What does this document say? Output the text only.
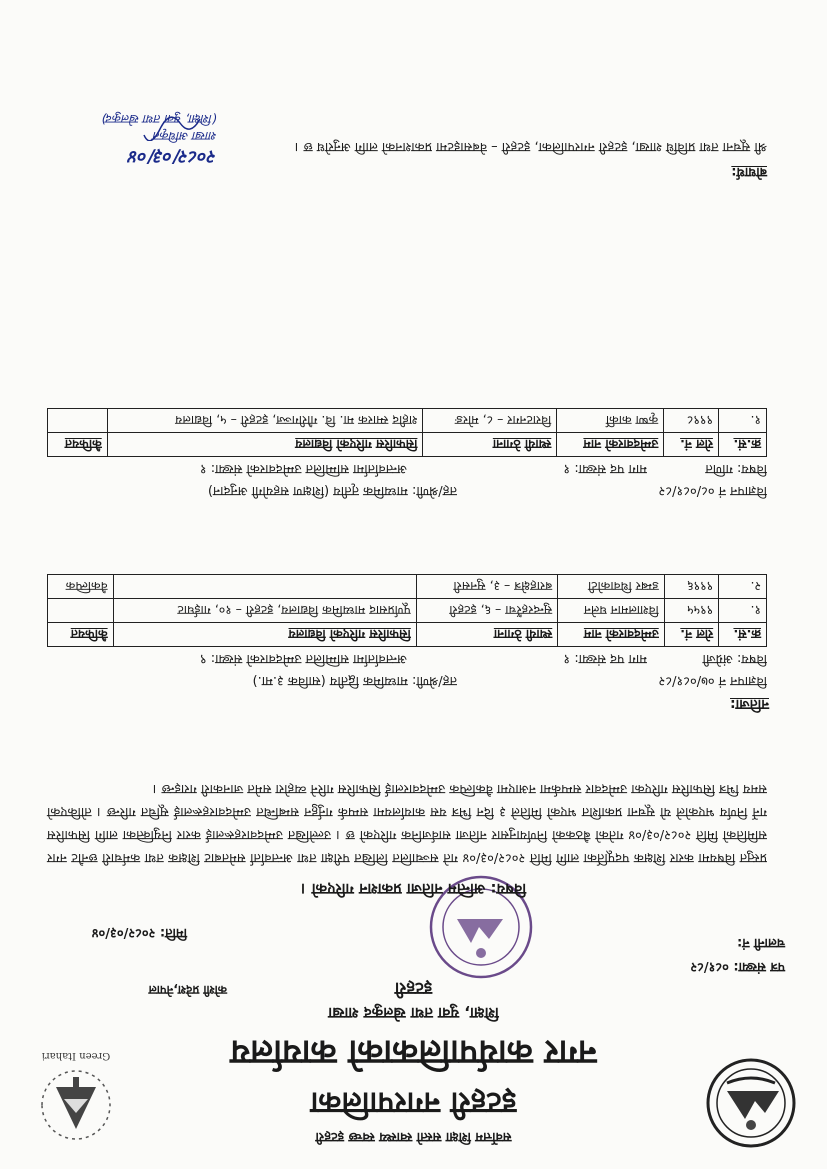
Green Itahari
सर्वोत्तम शिक्षा सस्तो स्वास्थ्य स्वच्छ इटहरी
इटहरी नगरपालिका
नगर कार्यपालिकाको कार्यालय
शिक्षा, युवा तथा खेलकुद शाखा
इटहरी
कोशी प्रदेश,नेपाल
पत्र संख्या: ०८१/८२
चलानी नं:
मिति: २०८२/०३/०४
विषय: अन्तिम नतिजा प्रकाशन गरिएको ।
प्रस्तुत विषयमा करार शिक्षक पदपूर्तिका लागि मिति २०८२/०३/०४ गते सञ्चालित लिखित परीक्षा तथा अन्तर्वार्ता समेतबाट शिक्षक तथा कर्मचारी छनौट नगर समितिको मिति २०८२/०३/०४ गतेको बैठकको निर्णयानुसार नतिजा सार्वजनिक गरिएको छ । उल्लेखित उम्मेदवारहरूलाई करार नियुक्तिका लागि सिफारिस गर्ने निर्णय भएकोले यो सूचना प्रकाशित भएको मितिले ३ दिन भित्र यस कार्यालयमा सम्पर्क गर्नुहुन सम्बन्धित उम्मेदवारहरूलाई सूचित गरिन्छ । तोकिएको समय भित्र सिफारिस गरिएका उम्मेदवार सम्पर्कमा नआएमा वैकल्पिक उम्मेदवारलाई सिफारिस गरिने व्यहोरा समेत जानकारी गराइन्छ ।
नतिजा:
विज्ञापन नं ०७/०८१/८२
तह/श्रेणी: माध्यमिक द्वितीय (साविक ३.मा.)
विषय: अंग्रेजी
माग पद संख्या: १
अन्तर्वार्तामा सम्मिलित उम्मेदवारको संख्या: ९
क्र.सं.	रोल नं.	उम्मेदवारको नाम	स्थायी ठेगाना	सिफारिस गरिएको विद्यालय	कैफियत
१.	९९५५	विशालमान घलेन	सुन्दरहरैंचा – ६, इटहरी	पूर्णप्रसाद माध्यमिक विद्यालय, इटहरी – १०, गाईघाट	
२.	९९९६	डम्बर थिवाकोटी	बराहक्षेत्र – ३, सुनसरी		वैकल्पिक
विज्ञापन नं ०८/०८१/८२
तह/श्रेणी: माध्यमिक तृतीय (शिक्षण सहयोगी अनुदान)
विषय: गणित
माग पद संख्या: १
अन्तर्वार्तामा सम्मिलित उम्मेदवारको संख्या: १
क्र.सं.	रोल नं.	उम्मेदवारको नाम	स्थायी ठेगाना	सिफारिस गरिएको विद्यालय	कैफियत
१.	९९९८	कृष्ण कार्की	विराटनगर – ८, मोरङ	शहीद स्मारक मा. वि. गौरीगञ्ज, इटहरी – ५, विद्यालय	
बोधार्थ:
श्री सूचना तथा प्रविधि शाखा, इटहरी नगरपालिका, इटहरी – वेबसाइटमा प्रकाशनको लागि अनुरोध छ ।
२०८२/०३/०४
शाखा अधिकृत
(शिक्षा, युवा तथा खेलकुद)
